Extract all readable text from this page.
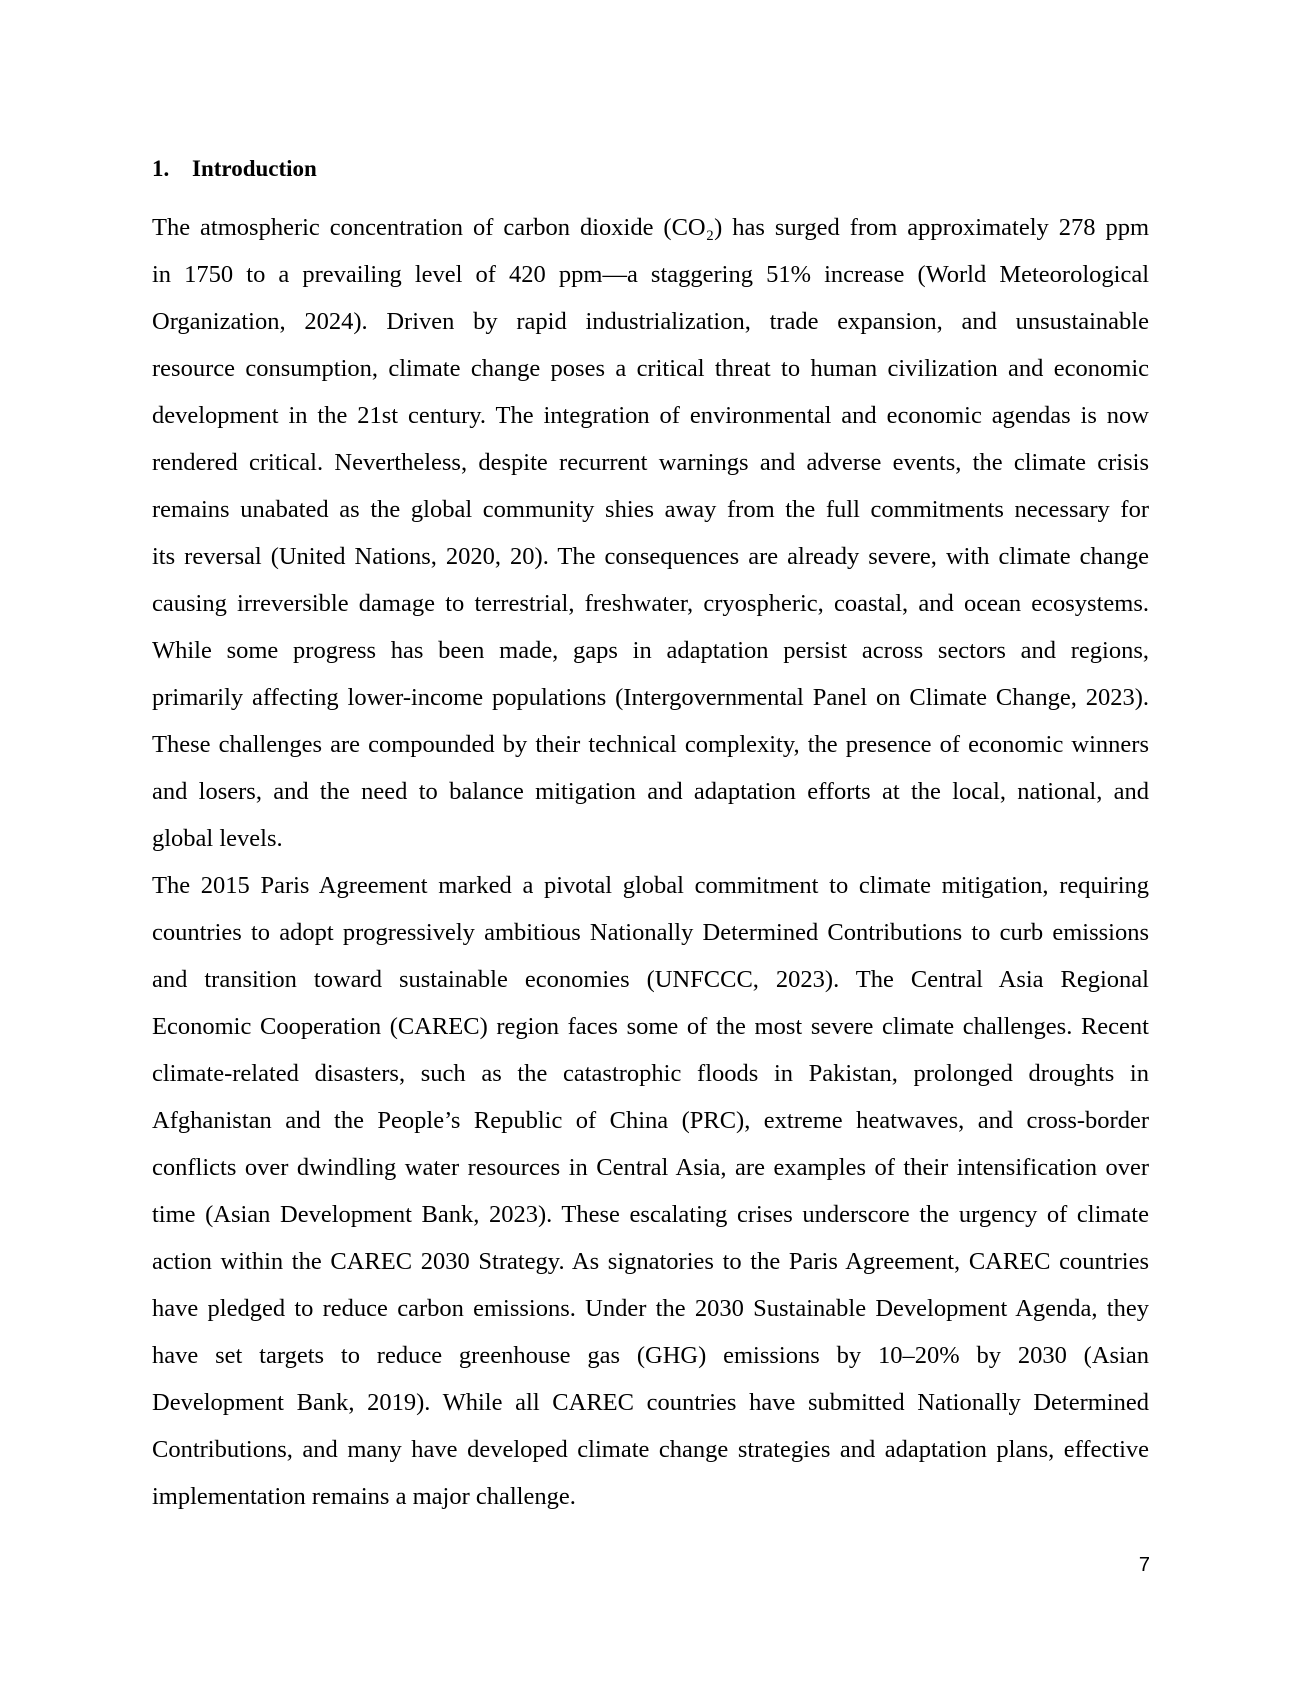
1. Introduction
The atmospheric concentration of carbon dioxide (CO₂) has surged from approximately 278 ppm
in 1750 to a prevailing level of 420 ppm—a staggering 51% increase (World Meteorological
Organization, 2024). Driven by rapid industrialization, trade expansion, and unsustainable
resource consumption, climate change poses a critical threat to human civilization and economic
development in the 21st century. The integration of environmental and economic agendas is now
rendered critical. Nevertheless, despite recurrent warnings and adverse events, the climate crisis
remains unabated as the global community shies away from the full commitments necessary for
its reversal (United Nations, 2020, 20). The consequences are already severe, with climate change
causing irreversible damage to terrestrial, freshwater, cryospheric, coastal, and ocean ecosystems.
While some progress has been made, gaps in adaptation persist across sectors and regions,
primarily affecting lower-income populations (Intergovernmental Panel on Climate Change, 2023).
These challenges are compounded by their technical complexity, the presence of economic winners
and losers, and the need to balance mitigation and adaptation efforts at the local, national, and
global levels.
The 2015 Paris Agreement marked a pivotal global commitment to climate mitigation, requiring
countries to adopt progressively ambitious Nationally Determined Contributions to curb emissions
and transition toward sustainable economies (UNFCCC, 2023). The Central Asia Regional
Economic Cooperation (CAREC) region faces some of the most severe climate challenges. Recent
climate-related disasters, such as the catastrophic floods in Pakistan, prolonged droughts in
Afghanistan and the People’s Republic of China (PRC), extreme heatwaves, and cross-border
conflicts over dwindling water resources in Central Asia, are examples of their intensification over
time (Asian Development Bank, 2023). These escalating crises underscore the urgency of climate
action within the CAREC 2030 Strategy. As signatories to the Paris Agreement, CAREC countries
have pledged to reduce carbon emissions. Under the 2030 Sustainable Development Agenda, they
have set targets to reduce greenhouse gas (GHG) emissions by 10–20% by 2030 (Asian
Development Bank, 2019). While all CAREC countries have submitted Nationally Determined
Contributions, and many have developed climate change strategies and adaptation plans, effective
implementation remains a major challenge.
7
